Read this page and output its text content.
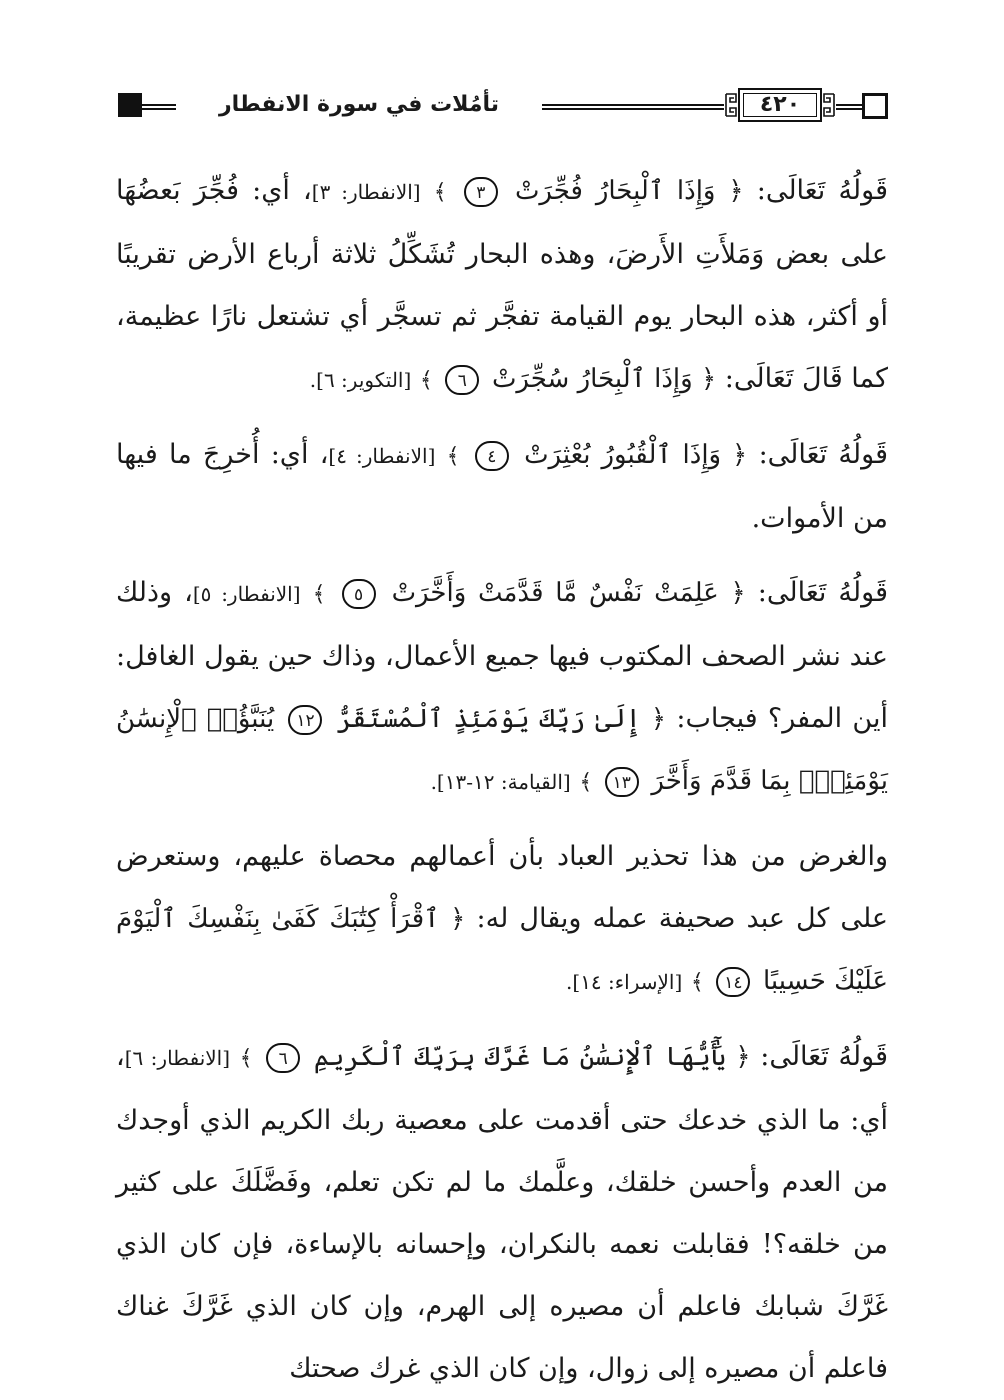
تأمُلات في سورة الانفطار	٤٢٠

قَولُهُ تَعَالَى: ﴿ وَإِذَا ٱلْبِحَارُ فُجِّرَتْ ٣ ﴾ [الانفطار: ٣]، أي: فُجِّرَ بَعضُهَا على بعض وَمَلأَتِ الأَرضَ، وهذه البحار تُشَكِّلُ ثلاثة أرباع الأرض تقريبًا أو أكثر، هذه البحار يوم القيامة تفجَّر ثم تسجَّر أي تشتعل نارًا عظيمة، كما قَالَ تَعَالَى: ﴿ وَإِذَا ٱلْبِحَارُ سُجِّرَتْ ٦ ﴾ [التكوير: ٦].

قَولُهُ تَعَالَى: ﴿ وَإِذَا ٱلْقُبُورُ بُعْثِرَتْ ٤ ﴾ [الانفطار: ٤]، أي: أُخرِجَ ما فيها من الأموات.

قَولُهُ تَعَالَى: ﴿ عَلِمَتْ نَفْسٌ مَّا قَدَّمَتْ وَأَخَّرَتْ ٥ ﴾ [الانفطار: ٥]، وذلك عند نشر الصحف المكتوب فيها جميع الأعمال، وذاك حين يقول الغافل: أين المفر؟ فيجاب: ﴿ إِلَىٰ رَبِّكَ يَوْمَئِذٍ ٱلْمُسْتَقَرُّ ١٢ يُنَبَّؤُا۟ ٱلْإِنسَٰنُ يَوْمَئِذٍۭ بِمَا قَدَّمَ وَأَخَّرَ ١٣ ﴾ [القيامة: ١٢-١٣].

والغرض من هذا تحذير العباد بأن أعمالهم محصاة عليهم، وستعرض على كل عبد صحيفة عمله ويقال له: ﴿ ٱقْرَأْ كِتَٰبَكَ كَفَىٰ بِنَفْسِكَ ٱلْيَوْمَ عَلَيْكَ حَسِيبًا ١٤ ﴾ [الإسراء: ١٤].

قَولُهُ تَعَالَى: ﴿ يَٰٓأَيُّهَا ٱلْإِنسَٰنُ مَا غَرَّكَ بِرَبِّكَ ٱلْكَرِيمِ ٦ ﴾ [الانفطار: ٦]، أي: ما الذي خدعك حتى أقدمت على معصية ربك الكريم الذي أوجدك من العدم وأحسن خلقك، وعلَّمك ما لم تكن تعلم، وفَضَّلَكَ على كثير من خلقه؟! فقابلت نعمه بالنكران، وإحسانه بالإساءة، فإن كان الذي غَرَّكَ شبابك فاعلم أن مصيره إلى الهرم، وإن كان الذي غَرَّكَ غناك فاعلم أن مصيره إلى زوال، وإن كان الذي غرك صحتك
